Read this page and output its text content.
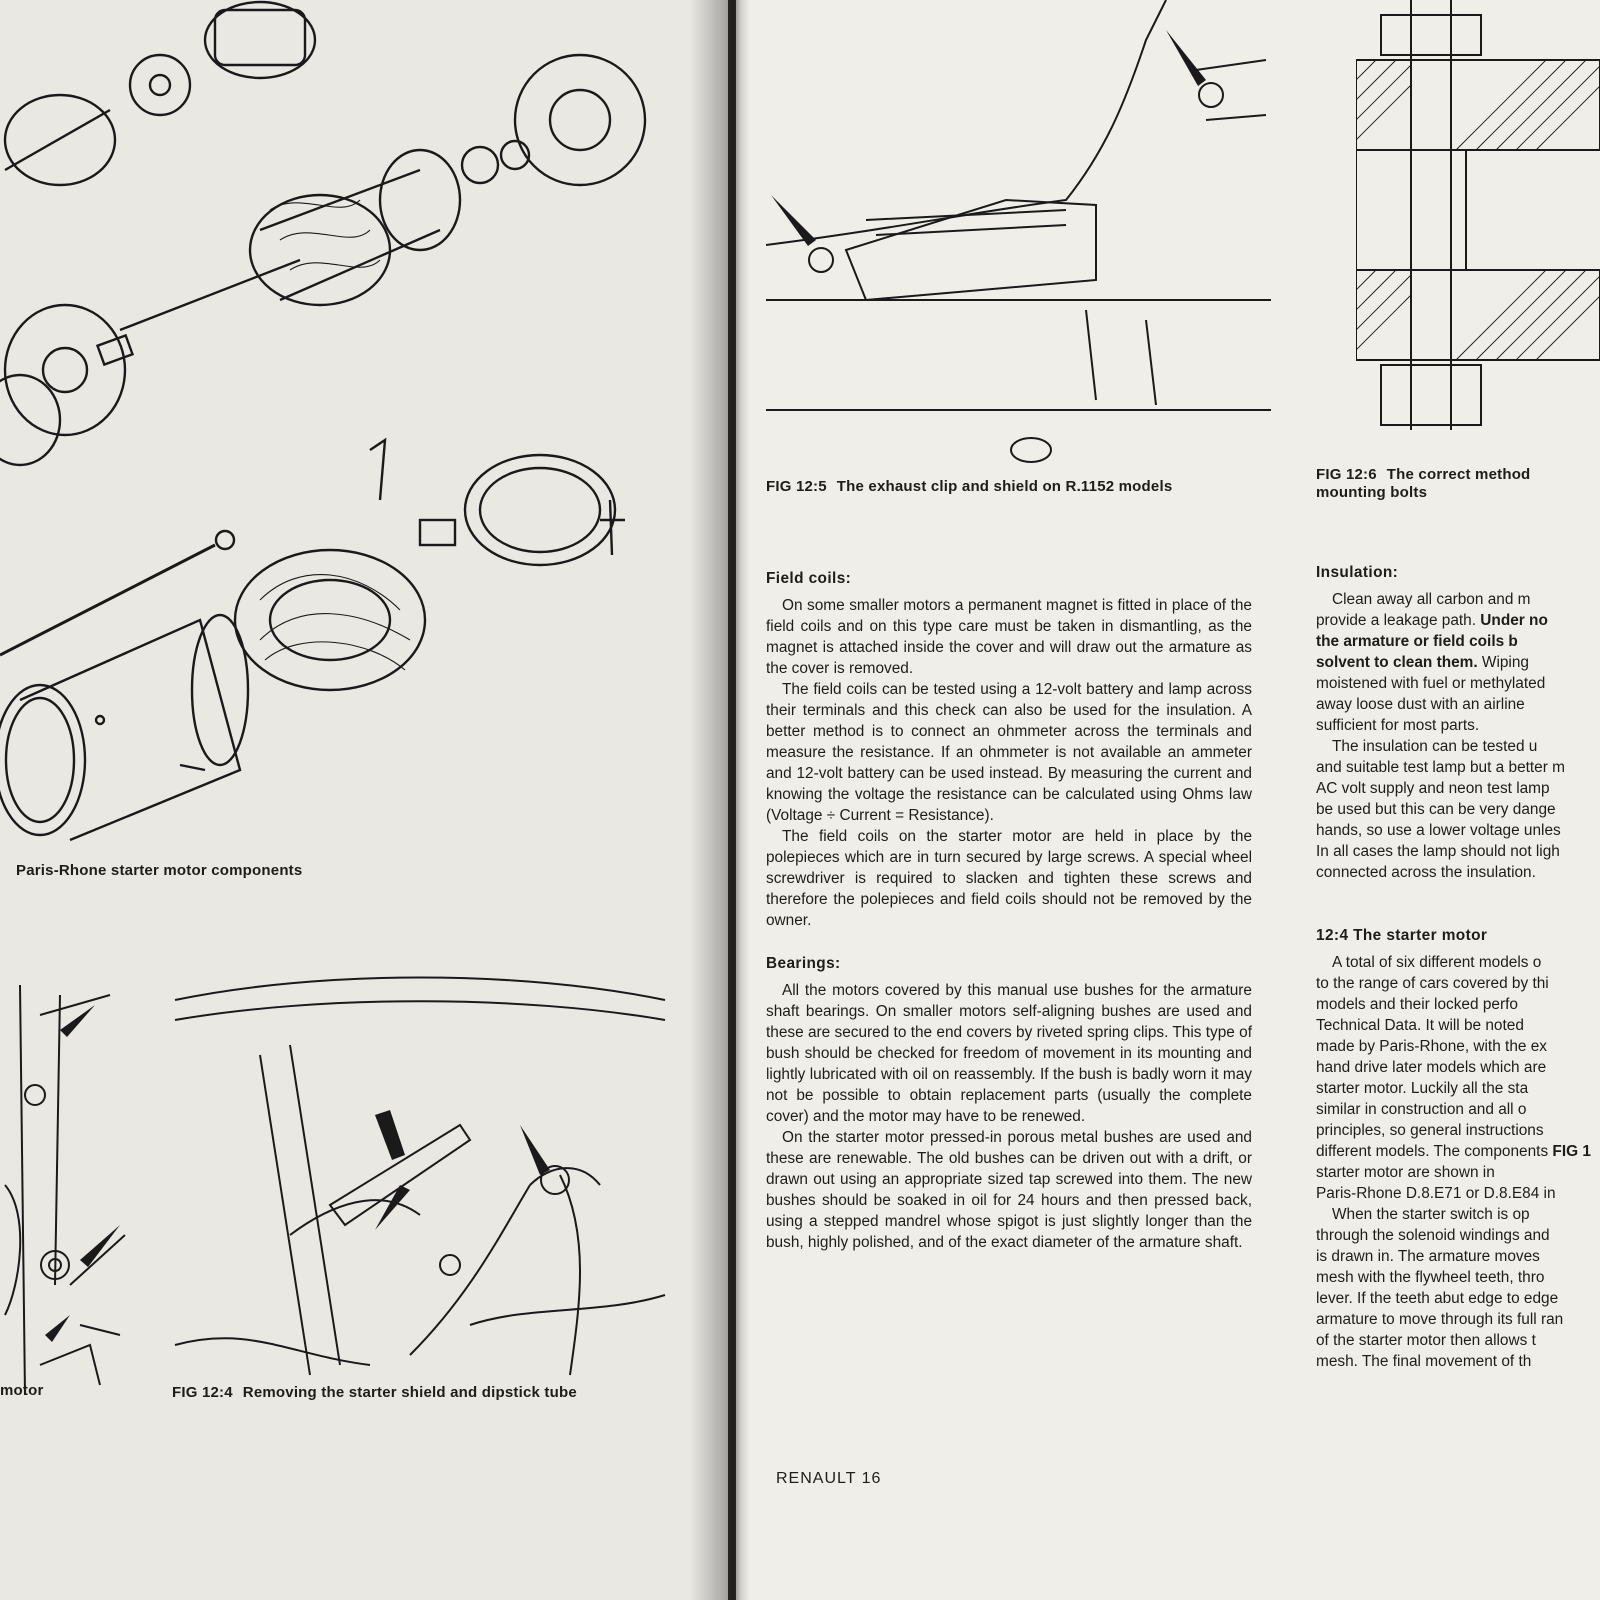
Paris-Rhone starter motor components
motor	FIG 12:4 Removing the starter shield and dipstick tube
FIG 12:5 The exhaust clip and shield on R.1152 models
FIG 12:6 The correct method
mounting bolts
Field coils:

On some smaller motors a permanent magnet is fitted in place of the field coils and on this type care must be taken in dismantling, as the magnet is attached inside the cover and will draw out the armature as the cover is removed.

The field coils can be tested using a 12-volt battery and lamp across their terminals and this check can also be used for the insulation. A better method is to connect an ohmmeter across the terminals and measure the resistance. If an ohmmeter is not available an ammeter and 12-volt battery can be used instead. By measuring the current and knowing the voltage the resistance can be calculated using Ohms law (Voltage ÷ Current = Resistance).

The field coils on the starter motor are held in place by the polepieces which are in turn secured by large screws. A special wheel screwdriver is required to slacken and tighten these screws and therefore the polepieces and field coils should not be removed by the owner.

Bearings:

All the motors covered by this manual use bushes for the armature shaft bearings. On smaller motors self-aligning bushes are used and these are secured to the end covers by riveted spring clips. This type of bush should be checked for freedom of movement in its mounting and lightly lubricated with oil on reassembly. If the bush is badly worn it may not be possible to obtain replacement parts (usually the complete cover) and the motor may have to be renewed.

On the starter motor pressed-in porous metal bushes are used and these are renewable. The old bushes can be driven out with a drift, or drawn out using an appropriate sized tap screwed into them. The new bushes should be soaked in oil for 24 hours and then pressed back, using a stepped mandrel whose spigot is just slightly longer than the bush, highly polished, and of the exact diameter of the armature shaft.

RENAULT 16
Insulation:
Clean away all carbon and m
provide a leakage path. Under no
the armature or field coils b
solvent to clean them. Wiping
moistened with fuel or methylated
away loose dust with an airline
sufficient for most parts.
The insulation can be tested u
and suitable test lamp but a better m
AC volt supply and neon test lamp
be used but this can be very dange
hands, so use a lower voltage unles
In all cases the lamp should not ligh
connected across the insulation.
12:4 The starter motor
A total of six different models o
to the range of cars covered by thi
models and their locked perfo
Technical Data. It will be noted
made by Paris-Rhone, with the ex
hand drive later models which are
starter motor. Luckily all the sta
similar in construction and all o
principles, so general instructions
different models. The components FIG 1
starter motor are shown in
Paris-Rhone D.8.E71 or D.8.E84 in
When the starter switch is op
through the solenoid windings and
is drawn in. The armature moves
mesh with the flywheel teeth, thro
lever. If the teeth abut edge to edge
armature to move through its full ran
of the starter motor then allows t
mesh. The final movement of th
